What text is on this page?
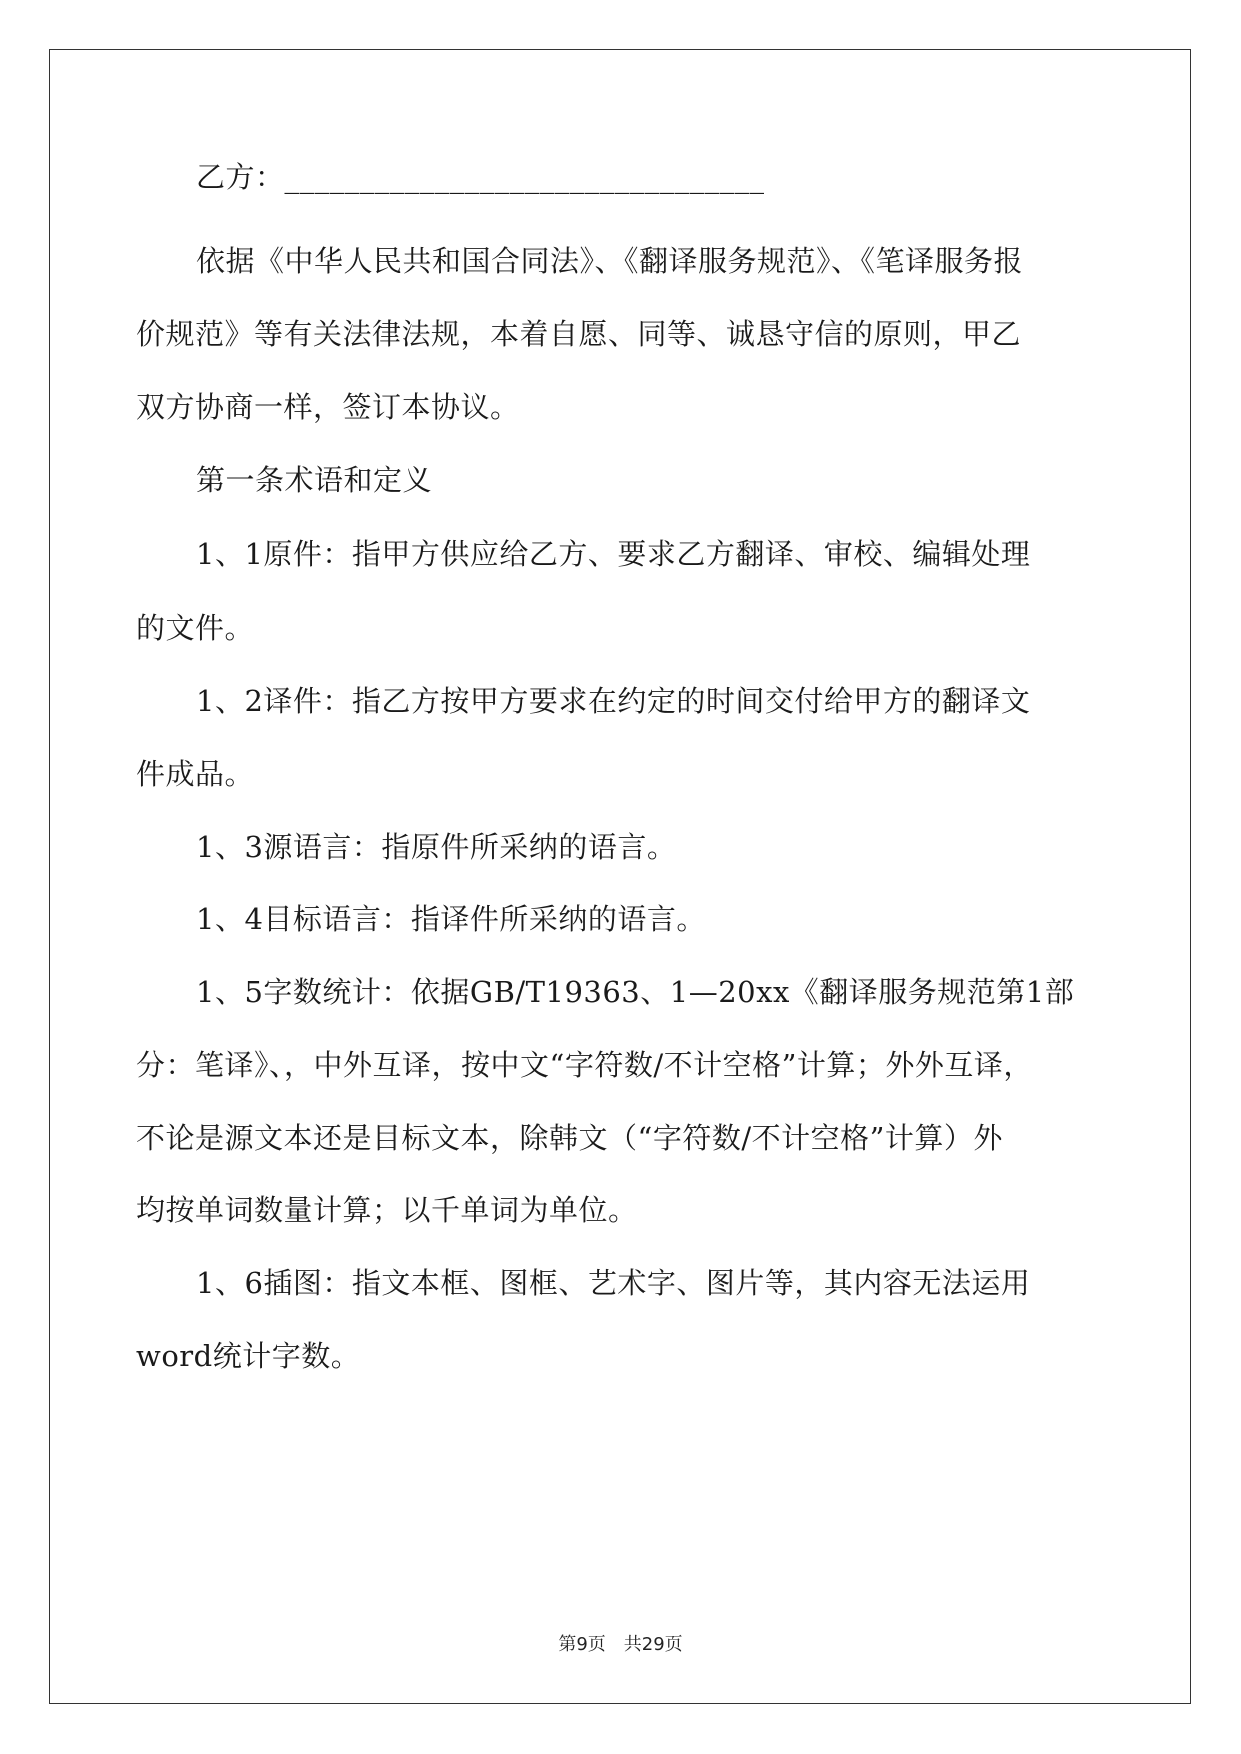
乙方：________________________________
依据《中华人民共和国合同法》、《翻译服务规范》、《笔译服务报
价规范》等有关法律法规，本着自愿、同等、诚恳守信的原则，甲乙
双方协商一样，签订本协议。
第一条术语和定义
1、1原件：指甲方供应给乙方、要求乙方翻译、审校、编辑处理
的文件。
1、2译件：指乙方按甲方要求在约定的时间交付给甲方的翻译文
件成品。
1、3源语言：指原件所采纳的语言。
1、4目标语言：指译件所采纳的语言。
1、5字数统计：依据GB/T19363、1—20xx《翻译服务规范第1部
分：笔译》、，中外互译，按中文“字符数/不计空格”计算；外外互译，
不论是源文本还是目标文本，除韩文（“字符数/不计空格”计算）外
均按单词数量计算；以千单词为单位。
1、6插图：指文本框、图框、艺术字、图片等，其内容无法运用
word统计字数。
第9页　共29页
